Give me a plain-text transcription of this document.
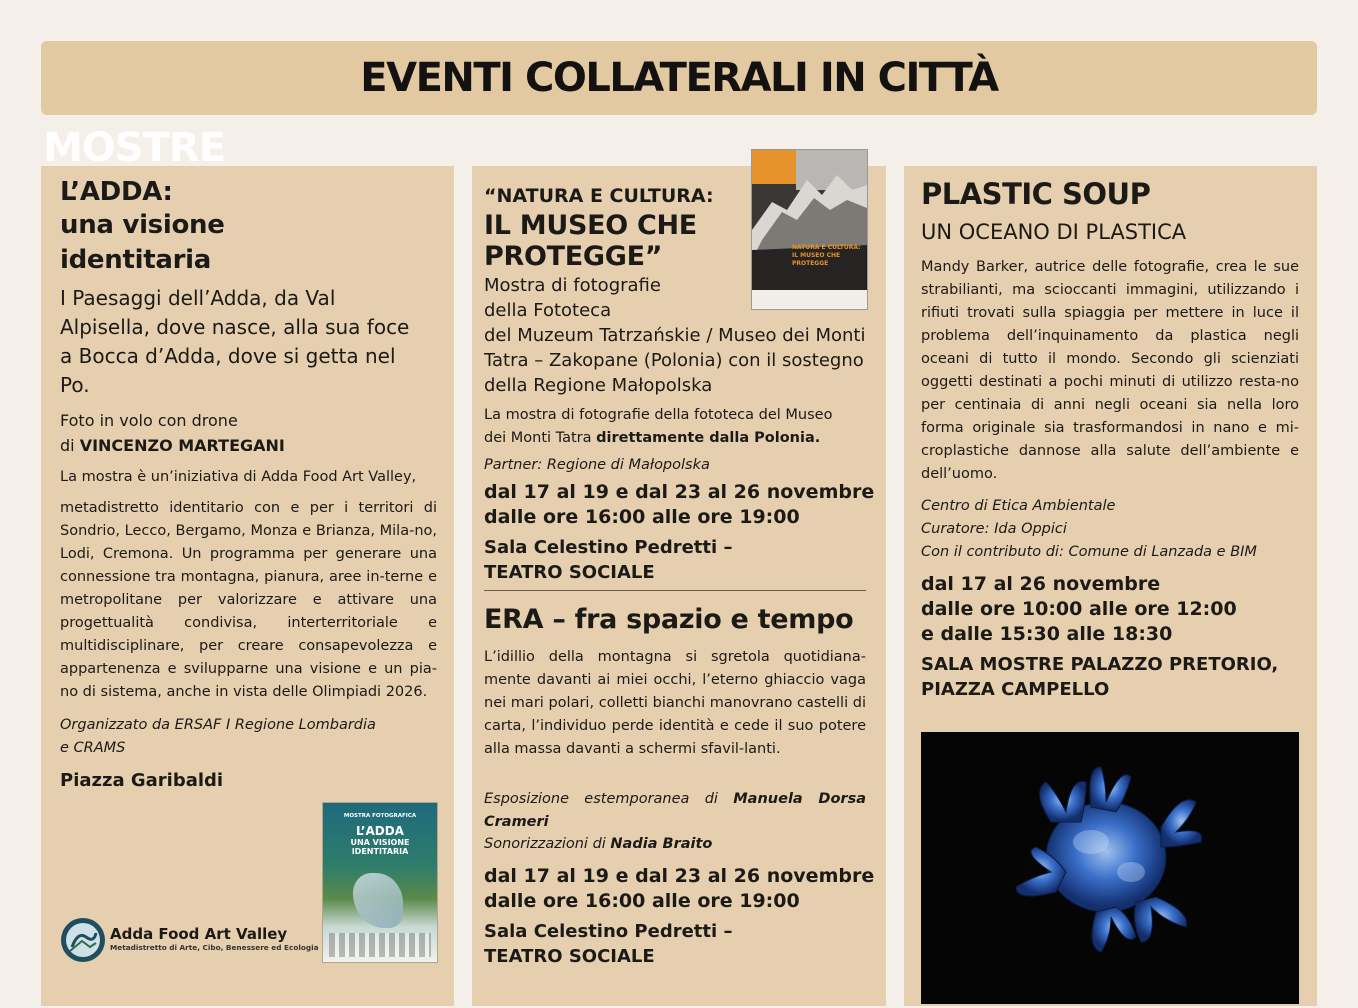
EVENTI COLLATERALI IN CITTÀ
MOSTRE
L’ADDA:
una visione
identitaria
I Paesaggi dell’Adda, da Val
Alpisella, dove nasce, alla sua foce
a Bocca d’Adda, dove si getta nel
Po.
Foto in volo con drone
di VINCENZO MARTEGANI
La mostra è un’iniziativa di Adda Food Art Valley,
metadistretto identitario con e per i territori di Sondrio, Lecco, Bergamo, Monza e Brianza, Mila-no, Lodi, Cremona. Un programma per generare una connessione tra montagna, pianura, aree in-terne e metropolitane per valorizzare e attivare una progettualità condivisa, interterritoriale e multidisciplinare, per creare consapevolezza e appartenenza e svilupparne una visione e un pia-no di sistema, anche in vista delle Olimpiadi 2026.
Organizzato da ERSAF I Regione Lombardia
e CRAMS
Piazza Garibaldi
Adda Food Art Valley
Metadistretto di Arte, Cibo, Benessere ed Ecologia
MOSTRA FOTOGRAFICA
L’ADDA
UNA VISIONE
IDENTITARIA
“NATURA E CULTURA:
IL MUSEO CHE
PROTEGGE”
Mostra di fotografie
della Fototeca
del Muzeum Tatrzańskie / Museo dei Monti
Tatra – Zakopane (Polonia) con il sostegno
della Regione Małopolska
La mostra di fotografie della fototeca del Museo
dei Monti Tatra direttamente dalla Polonia.
Partner: Regione di Małopolska
dal 17 al 19 e dal 23 al 26 novembre
dalle ore 16:00 alle ore 19:00
Sala Celestino Pedretti –
TEATRO SOCIALE
ERA – fra spazio e tempo
L’idillio della montagna si sgretola quotidiana-mente davanti ai miei occhi, l’eterno ghiaccio vaga nei mari polari, colletti bianchi manovrano castelli di carta, l’individuo perde identità e cede il suo potere alla massa davanti a schermi sfavil-lanti.
Esposizione estemporanea di Manuela Dorsa Crameri
Sonorizzazioni di Nadia Braito
dal 17 al 19 e dal 23 al 26 novembre
dalle ore 16:00 alle ore 19:00
Sala Celestino Pedretti –
TEATRO SOCIALE
NATURA E CULTURA: IL MUSEO CHE PROTEGGE
PLASTIC SOUP
UN OCEANO DI PLASTICA
Mandy Barker, autrice delle fotografie, crea le sue strabilianti, ma scioccanti immagini, utilizzando i rifiuti trovati sulla spiaggia per mettere in luce il problema dell’inquinamento da plastica negli oceani di tutto il mondo. Secondo gli scienziati oggetti destinati a pochi minuti di utilizzo resta-no per centinaia di anni negli oceani sia nella loro forma originale sia trasformandosi in nano e mi-croplastiche dannose alla salute dell’ambiente e dell’uomo.
Centro di Etica Ambientale
Curatore: Ida Oppici
Con il contributo di: Comune di Lanzada e BIM
dal 17 al 26 novembre
dalle ore 10:00 alle ore 12:00
e dalle 15:30 alle 18:30
SALA MOSTRE PALAZZO PRETORIO,
PIAZZA CAMPELLO
